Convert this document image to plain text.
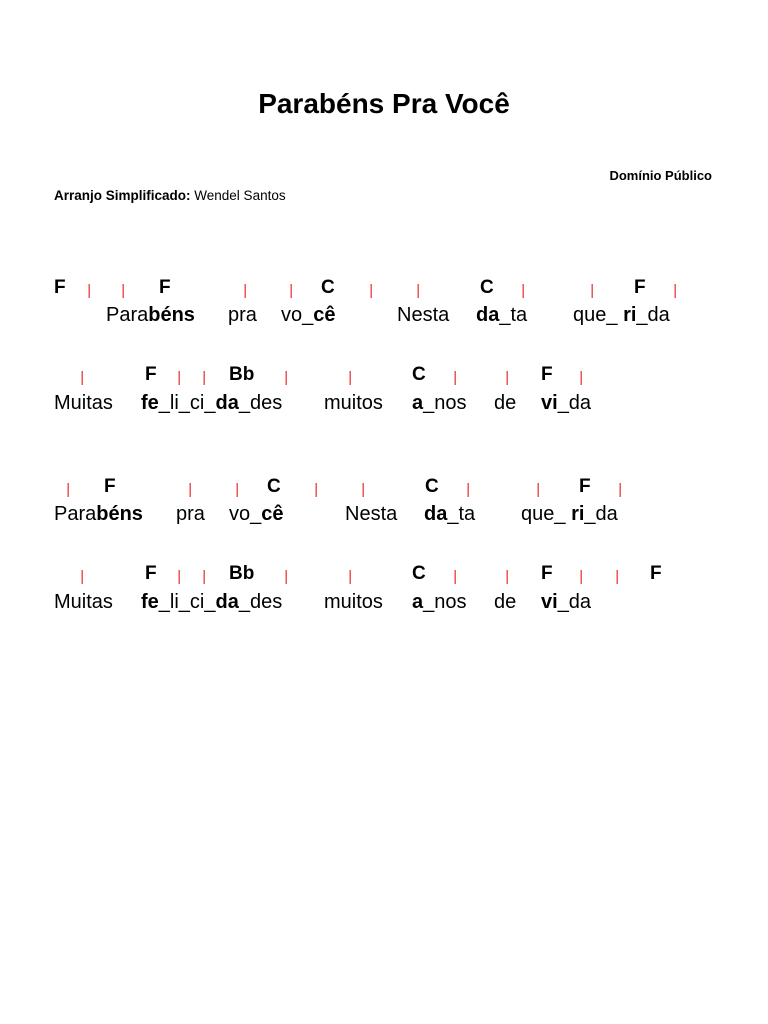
Parabéns Pra Você
Domínio Público
Arranjo Simplificado: Wendel Santos
F | | F	|	| C |	|	C |	| F |
Parabéns pra vo_cê	Nesta da_ta que_ ri_da
|	F | | Bb |	|	C |	| F |
Muitas fe_li_ci_da_des muitos a_nos de vi_da
| F	|	| C |	|	C |	| F |
Parabéns pra vo_cê	Nesta da_ta que_ ri_da
|	F | | Bb |	|	C |	| F | | F
Muitas fe_li_ci_da_des muitos a_nos de vi_da
